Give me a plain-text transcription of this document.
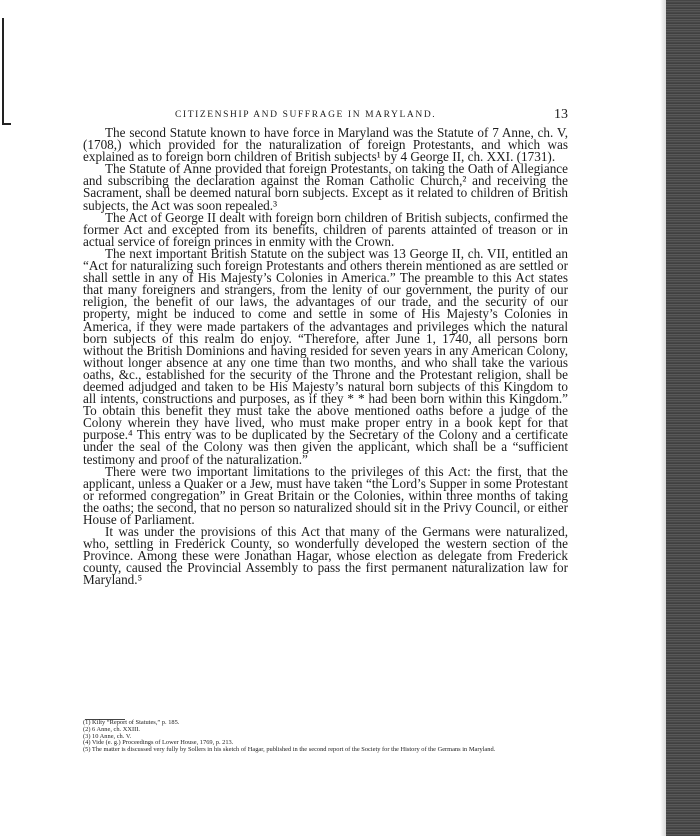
CITIZENSHIP AND SUFFRAGE IN MARYLAND.	13

The second Statute known to have force in Maryland was the Statute of 7 Anne, ch. V, (1708,) which provided for the naturalization of foreign Protestants, and which was explained as to foreign born children of British subjects¹ by 4 George II, ch. XXI. (1731).

The Statute of Anne provided that foreign Protestants, on taking the Oath of Allegiance and subscribing the declaration against the Roman Catholic Church,² and receiving the Sacrament, shall be deemed natural born subjects. Except as it related to children of British subjects, the Act was soon repealed.³

The Act of George II dealt with foreign born children of British subjects, confirmed the former Act and excepted from its benefits, children of parents attainted of treason or in actual service of foreign princes in enmity with the Crown.

The next important British Statute on the subject was 13 George II, ch. VII, entitled an “Act for naturalizing such foreign Protestants and others therein mentioned as are settled or shall settle in any of His Majesty’s Colonies in America.” The preamble to this Act states that many foreigners and strangers, from the lenity of our government, the purity of our religion, the benefit of our laws, the advantages of our trade, and the security of our property, might be induced to come and settle in some of His Majesty’s Colonies in America, if they were made partakers of the advantages and privileges which the natural born subjects of this realm do enjoy. “Therefore, after June 1, 1740, all persons born without the British Dominions and having resided for seven years in any American Colony, without longer absence at any one time than two months, and who shall take the various oaths, &c., established for the security of the Throne and the Protestant religion, shall be deemed adjudged and taken to be His Majesty’s natural born subjects of this Kingdom to all intents, constructions and purposes, as if they * * had been born within this Kingdom.” To obtain this benefit they must take the above mentioned oaths before a judge of the Colony wherein they have lived, who must make proper entry in a book kept for that purpose.⁴ This entry was to be duplicated by the Secretary of the Colony and a certificate under the seal of the Colony was then given the applicant, which shall be a “sufficient testimony and proof of the naturalization.”

There were two important limitations to the privileges of this Act: the first, that the applicant, unless a Quaker or a Jew, must have taken “the Lord’s Supper in some Protestant or reformed congregation” in Great Britain or the Colonies, within three months of taking the oaths; the second, that no person so naturalized should sit in the Privy Council, or either House of Parliament.

It was under the provisions of this Act that many of the Germans were naturalized, who, settling in Frederick County, so wonderfully developed the western section of the Province. Among these were Jonathan Hagar, whose election as delegate from Frederick county, caused the Provincial Assembly to pass the first permanent naturalization law for Maryland.⁵

(1) Kilty “Report of Statutes,” p. 185.
(2) 6 Anne, ch. XXIII.
(3) 10 Anne, ch. V.
(4) Vide (e. g.) Proceedings of Lower House, 1769, p. 213.
(5) The matter is discussed very fully by Sollers in his sketch of Hagar, published in the second report of the Society for the History of the Germans in Maryland.
